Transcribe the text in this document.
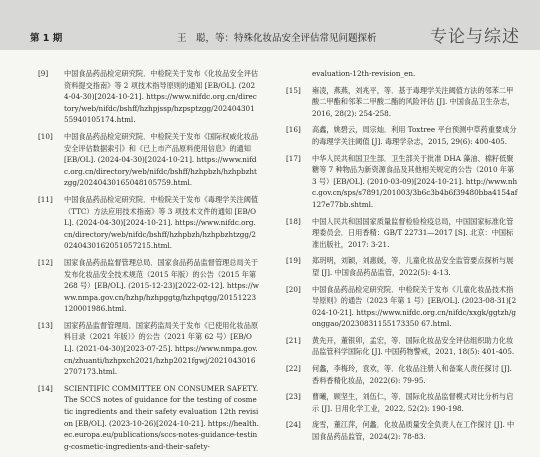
第 1 期	王　聪，等：特殊化妆品安全评估常见问题探析	专论与综述
[9] 中国食品药品检定研究院．中检院关于发布《化妆品安全评估资料提交指南》等 2 项技术指导原则的通知 [EB/OL]. (2024-04-30)[2024-10-21]. https://www.nifdc.org.cn/directory/web/nifdc/bshff/hzhpjssp/hzpsptzgg/20240430155940105174.html.
[10] 中国食品药品检定研究院．中检院关于发布《国际权威化妆品安全评估数据索引》和《已上市产品原料使用信息》的通知 [EB/OL]. (2024-04-30)[2024-10-21]. https://www.nifdc.org.cn/directory/web/nifdc/bshff/hzhpbzh/hzhpbzhtzgg/20240430165048105759.html.
[11] 中国食品药品检定研究院．中检院关于发布《毒理学关注阈值（TTC）方法应用技术指南》等 3 项技术文件的通知 [EB/OL]. (2024-04-30)[2024-10-21]. https://www.nifdc.org.cn/directory/web/nifdc/bshff/hzhpbzh/hzhpbzhtzgg/20240430162051057215.html.
[12] 国家食品药品监督管理总局．国家食品药品监督管理总局关于发布化妆品安全技术规范（2015 年版）的公告（2015 年第 268 号）[EB/OL]. (2015-12-23)[2022-02-12]. https://www.nmpa.gov.cn/hzhp/hzhpggtg/hzhpqtgg/20151223120001986.html.
[13] 国家药品监督管理局．国家药监局关于发布《已使用化妆品原料目录（2021 年版）》的公告（2021 年第 62 号）[EB/OL]. (2021-04-30)[2023-07-25]. https://www.nmpa.gov.cn/zhuanti/hzhpxch2021/hzhp2021fgwj/20210430162707173.html.
[14] SCIENTIFIC COMMITTEE ON CONSUMER SAFETY. The SCCS notes of guidance for the testing of cosmetic ingredients and their safety evaluation 12th revision [EB/OL]. (2023-10-26)[2024-10-21]. https://health.ec.europa.eu/publications/sccs-notes-guidance-testing-cosmetic-ingredients-and-their-safety-
evaluation-12th-revision_en.
[15] 雍凌，燕燕，刘兆平，等．基于毒理学关注阈值方法的邻苯二甲酸二甲酯和邻苯二甲酸二酯的风险评估 [J]. 中国食品卫生杂志，2016, 28(2): 254-258.
[16] 高鑫，姚碧云，周宗灿．利用 Toxtree 平台预测中草药重要成分的毒理学关注阈值 [J]. 毒理学杂志，2015, 29(6): 400-405.
[17] 中华人民共和国卫生部．卫生部关于批准 DHA 藻油、棉籽低聚糖等 7 种物品为新资源食品及其他相关规定的公告（2010 年第 3 号）[EB/OL]. (2010-03-09)[2024-10-21]. http://www.nhc.gov.cn/sps/s7891/201003/3b6c3b4b6f39480bba4154af127e77bb.shtml.
[18] 中国人民共和国国家质量监督检验检疫总局，中国国家标准化管理委员会．日用香精：GB/T 22731—2017 [S]. 北京：中国标准出版社，2017: 3-21.
[19] 郑玥明，刘颖，刘惠媛，等．儿童化妆品安全监管要点探析与展望 [J]. 中国食品药品监管，2022(5): 4-13.
[20] 中国食品药品检定研究院．中检院关于发布《儿童化妆品技术指导原则》的通告（2023 年第 1 号）[EB/OL]. (2023-08-31)[2024-10-21]. https://www.nifdc.org.cn/nifdc/xxgk/ggtzh/gonggao/20230831155173350 67.html.
[21] 黄先开，董银卯，孟宏，等．国际化妆品安全评估组织助力化妆品监管科学国际化 [J]. 中国药物警戒，2021, 18(5): 401-405.
[22] 何蠡，李梅玲，袁欢，等．化妆品注册人和备案人责任探讨 [J]. 香料香精化妆品，2022(6): 79-95.
[23] 曹曦，顾坚生，刘伍仁，等．国际化妆品监督模式对比分析与启示 [J]. 日用化学工业，2022, 52(2): 190-198.
[24] 庞雪，董江萍，何蠡．化妆品质量安全负责人在工作探讨 [J]. 中国食品药品监管，2024(2): 78-83.
